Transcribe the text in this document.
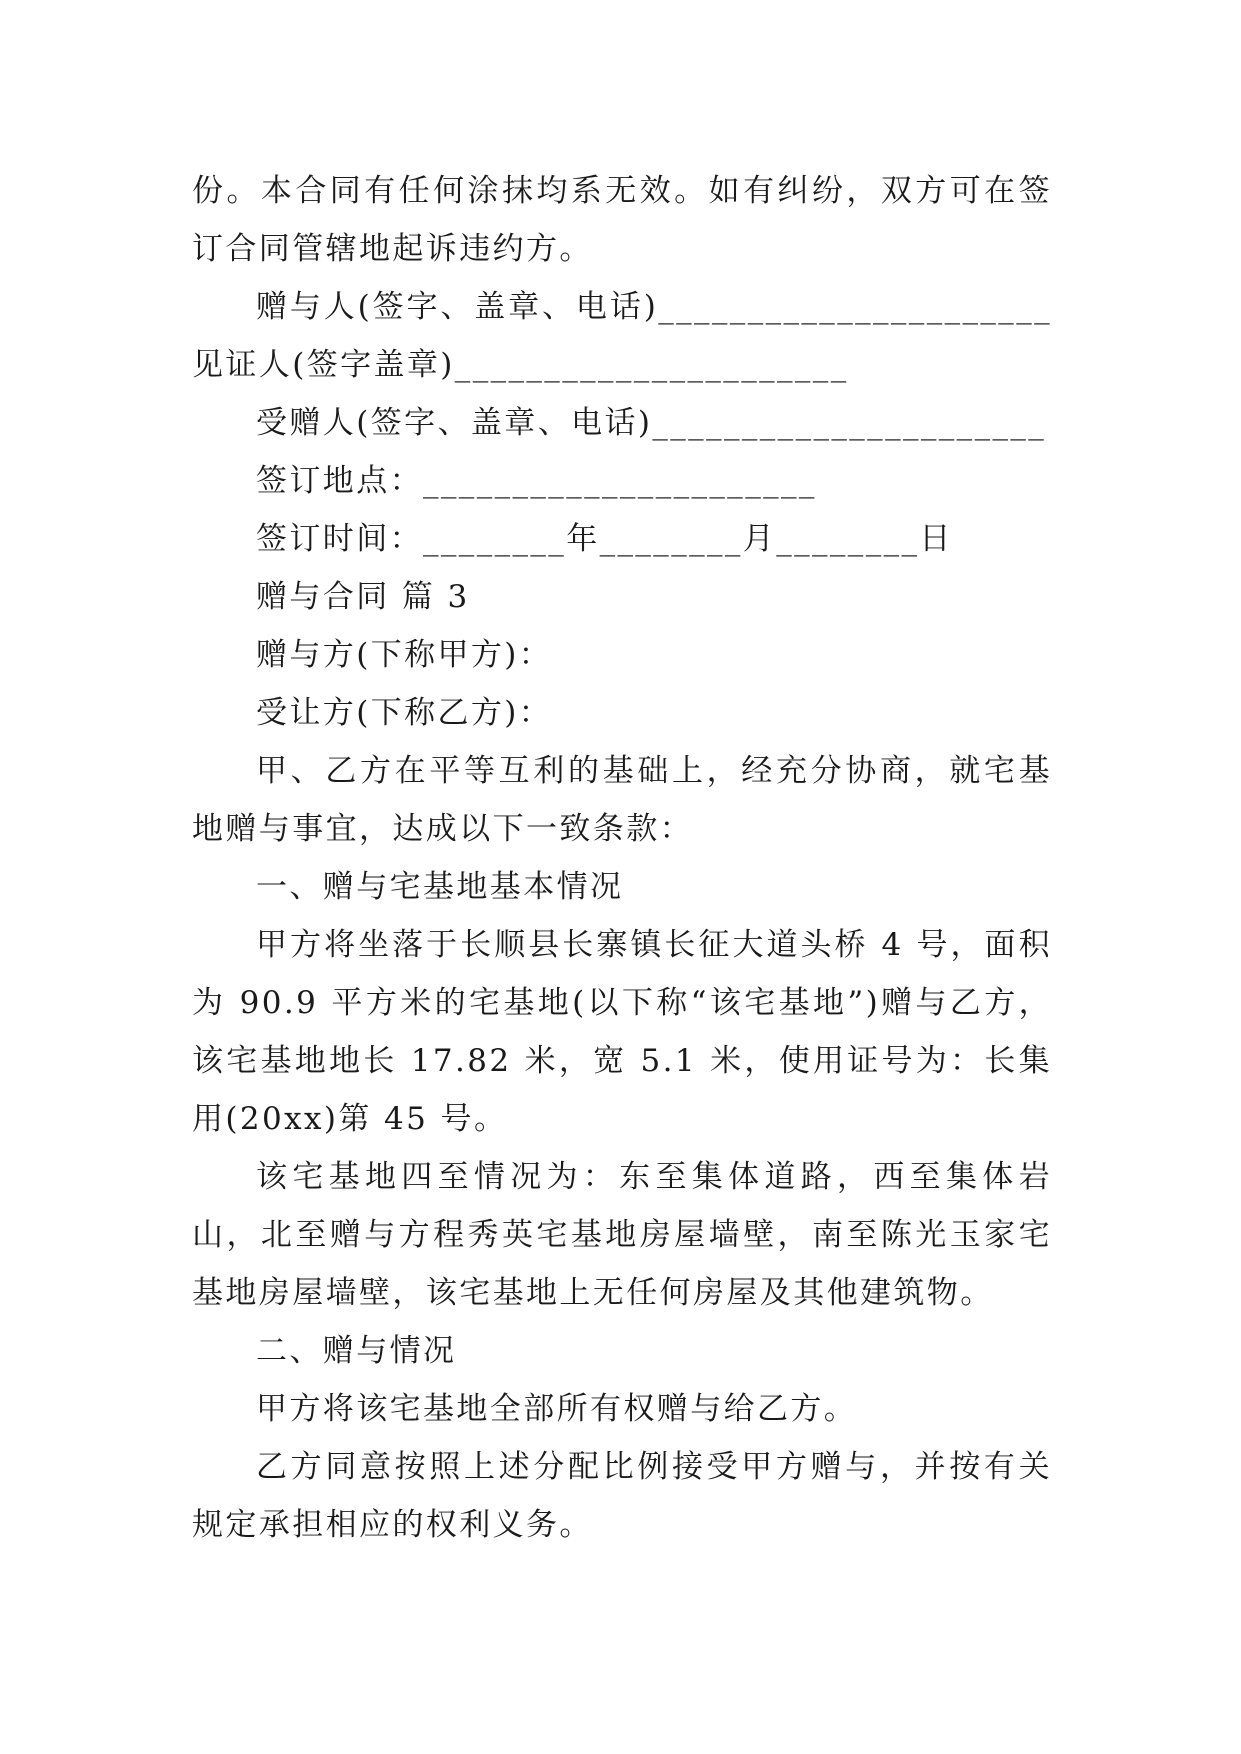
份。本合同有任何涂抹均系无效。如有纠纷，双方可在签订合同管辖地起诉违约方。

赠与人(签字、盖章、电话)______________________ 见证人(签字盖章)______________________

受赠人(签字、盖章、电话)______________________

签订地点：______________________

签订时间：________年________月________日

赠与合同 篇 3

赠与方(下称甲方)：

受让方(下称乙方)：

甲、乙方在平等互利的基础上，经充分协商，就宅基地赠与事宜，达成以下一致条款：

一、赠与宅基地基本情况

甲方将坐落于长顺县长寨镇长征大道头桥 4 号，面积为 90.9 平方米的宅基地(以下称“该宅基地”)赠与乙方，该宅基地地长 17.82 米，宽 5.1 米，使用证号为：长集用(20xx)第 45 号。

该宅基地四至情况为：东至集体道路，西至集体岩山，北至赠与方程秀英宅基地房屋墙壁，南至陈光玉家宅基地房屋墙壁，该宅基地上无任何房屋及其他建筑物。

二、赠与情况

甲方将该宅基地全部所有权赠与给乙方。

乙方同意按照上述分配比例接受甲方赠与，并按有关规定承担相应的权利义务。
